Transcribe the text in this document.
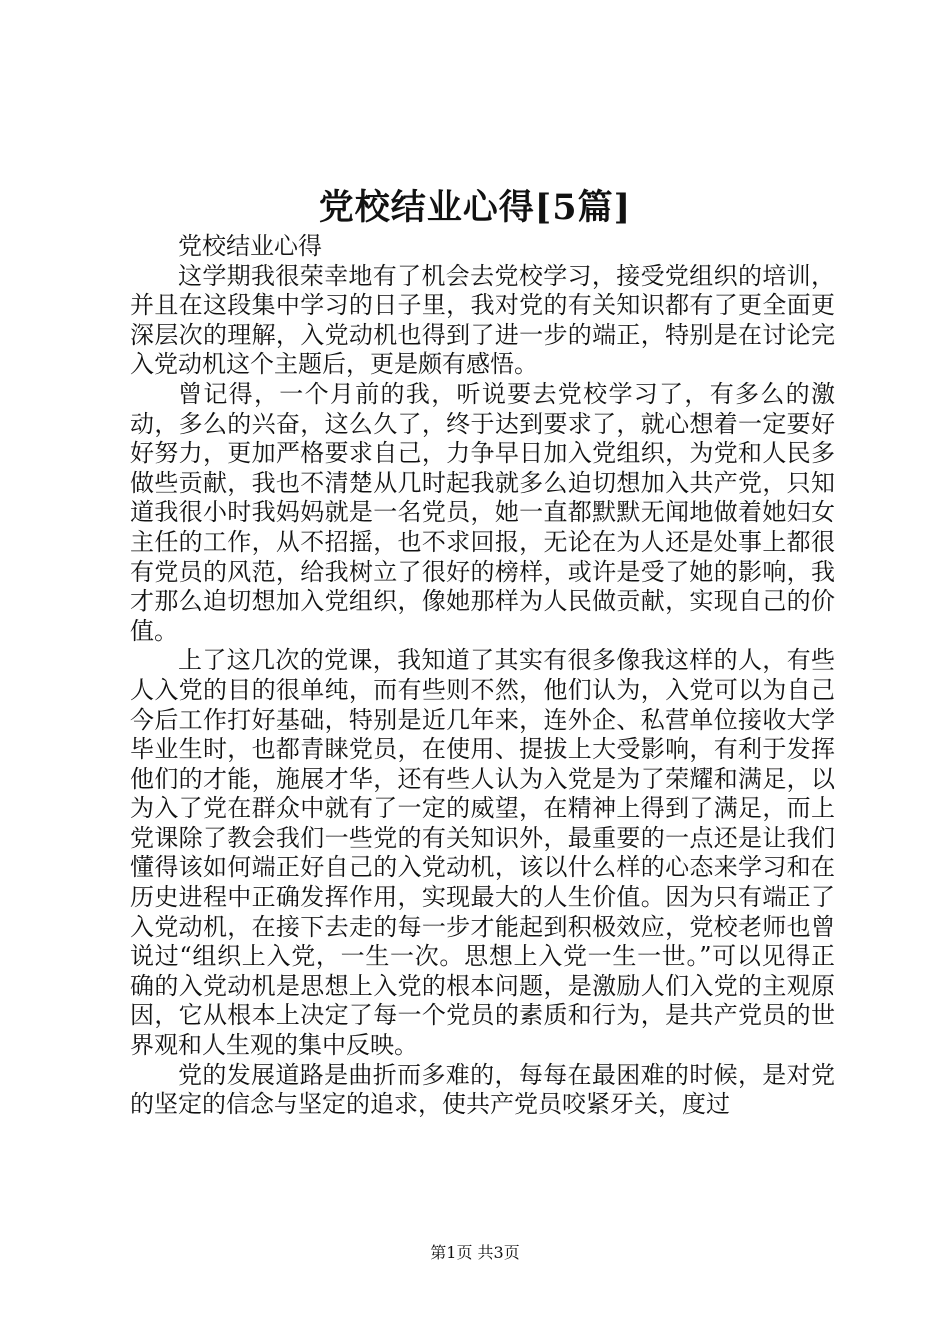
党校结业心得[5篇]

党校结业心得

这学期我很荣幸地有了机会去党校学习，接受党组织的培训，并且在这段集中学习的日子里，我对党的有关知识都有了更全面更深层次的理解，入党动机也得到了进一步的端正，特别是在讨论完入党动机这个主题后，更是颇有感悟。

曾记得，一个月前的我，听说要去党校学习了，有多么的激动，多么的兴奋，这么久了，终于达到要求了，就心想着一定要好好努力，更加严格要求自己，力争早日加入党组织，为党和人民多做些贡献，我也不清楚从几时起我就多么迫切想加入共产党，只知道我很小时我妈妈就是一名党员，她一直都默默无闻地做着她妇女主任的工作，从不招摇，也不求回报，无论在为人还是处事上都很有党员的风范，给我树立了很好的榜样，或许是受了她的影响，我才那么迫切想加入党组织，像她那样为人民做贡献，实现自己的价值。

上了这几次的党课，我知道了其实有很多像我这样的人，有些人入党的目的很单纯，而有些则不然，他们认为，入党可以为自己今后工作打好基础，特别是近几年来，连外企、私营单位接收大学毕业生时，也都青睐党员，在使用、提拔上大受影响，有利于发挥他们的才能，施展才华，还有些人认为入党是为了荣耀和满足，以为入了党在群众中就有了一定的威望，在精神上得到了满足，而上党课除了教会我们一些党的有关知识外，最重要的一点还是让我们懂得该如何端正好自己的入党动机，该以什么样的心态来学习和在历史进程中正确发挥作用，实现最大的人生价值。因为只有端正了入党动机，在接下去走的每一步才能起到积极效应，党校老师也曾说过“组织上入党，一生一次。思想上入党一生一世。”可以见得正确的入党动机是思想上入党的根本问题，是激励人们入党的主观原因，它从根本上决定了每一个党员的素质和行为，是共产党员的世界观和人生观的集中反映。

党的发展道路是曲折而多难的，每每在最困难的时候，是对党的坚定的信念与坚定的追求，使共产党员咬紧牙关，度过

第1页 共3页
